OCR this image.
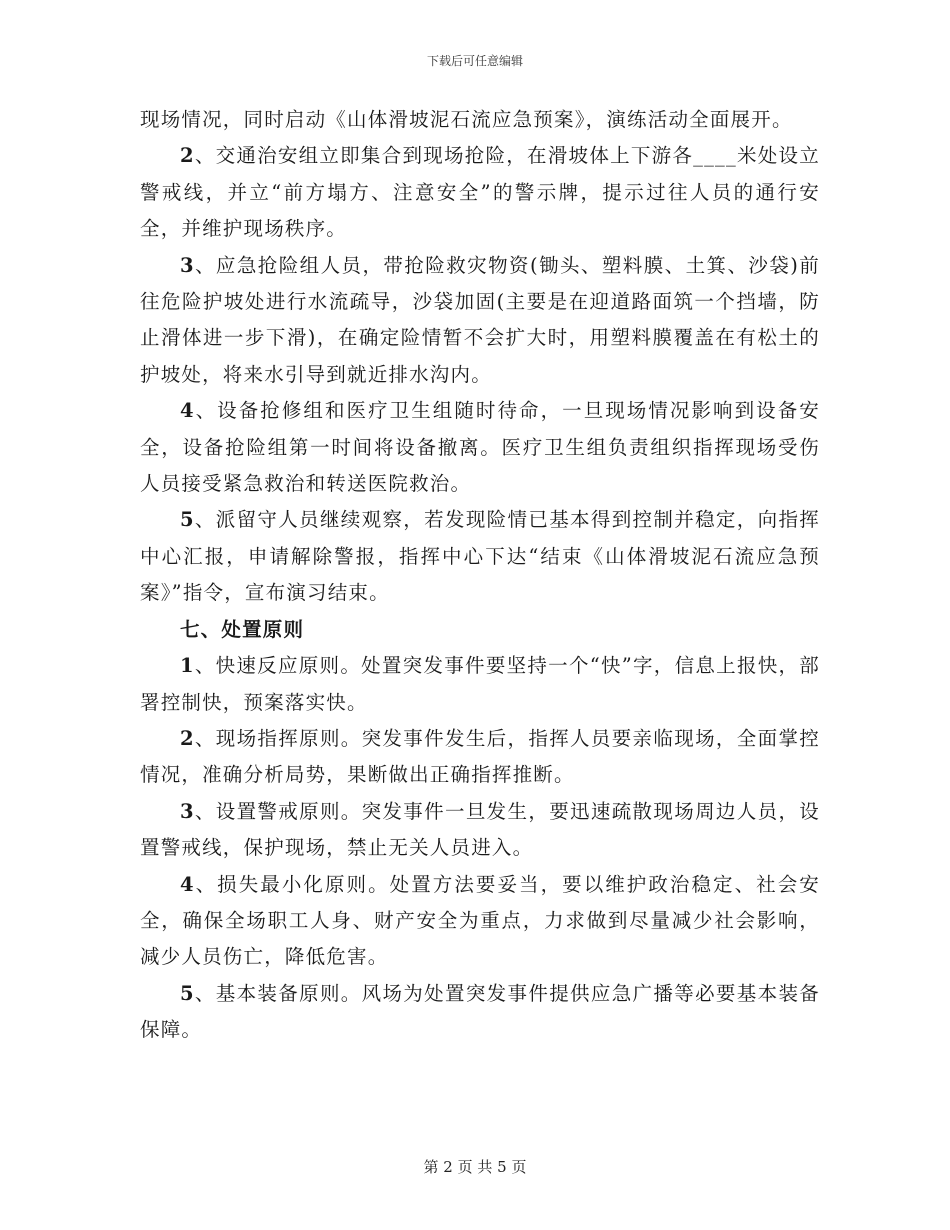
下载后可任意编辑

现场情况，同时启动《山体滑坡泥石流应急预案》，演练活动全面展开。

2、交通治安组立即集合到现场抢险，在滑坡体上下游各____米处设立警戒线，并立“前方塌方、注意安全”的警示牌，提示过往人员的通行安全，并维护现场秩序。

3、应急抢险组人员，带抢险救灾物资(锄头、塑料膜、土箕、沙袋)前往危险护坡处进行水流疏导，沙袋加固(主要是在迎道路面筑一个挡墙，防止滑体进一步下滑)，在确定险情暂不会扩大时，用塑料膜覆盖在有松土的护坡处，将来水引导到就近排水沟内。

4、设备抢修组和医疗卫生组随时待命，一旦现场情况影响到设备安全，设备抢险组第一时间将设备撤离。医疗卫生组负责组织指挥现场受伤人员接受紧急救治和转送医院救治。

5、派留守人员继续观察，若发现险情已基本得到控制并稳定，向指挥中心汇报，申请解除警报，指挥中心下达“结束《山体滑坡泥石流应急预案》”指令，宣布演习结束。

七、处置原则

1、快速反应原则。处置突发事件要坚持一个“快”字，信息上报快，部署控制快，预案落实快。

2、现场指挥原则。突发事件发生后，指挥人员要亲临现场，全面掌控情况，准确分析局势，果断做出正确指挥推断。

3、设置警戒原则。突发事件一旦发生，要迅速疏散现场周边人员，设置警戒线，保护现场，禁止无关人员进入。

4、损失最小化原则。处置方法要妥当，要以维护政治稳定、社会安全，确保全场职工人身、财产安全为重点，力求做到尽量减少社会影响，减少人员伤亡，降低危害。

5、基本装备原则。风场为处置突发事件提供应急广播等必要基本装备保障。

第 2 页 共 5 页
